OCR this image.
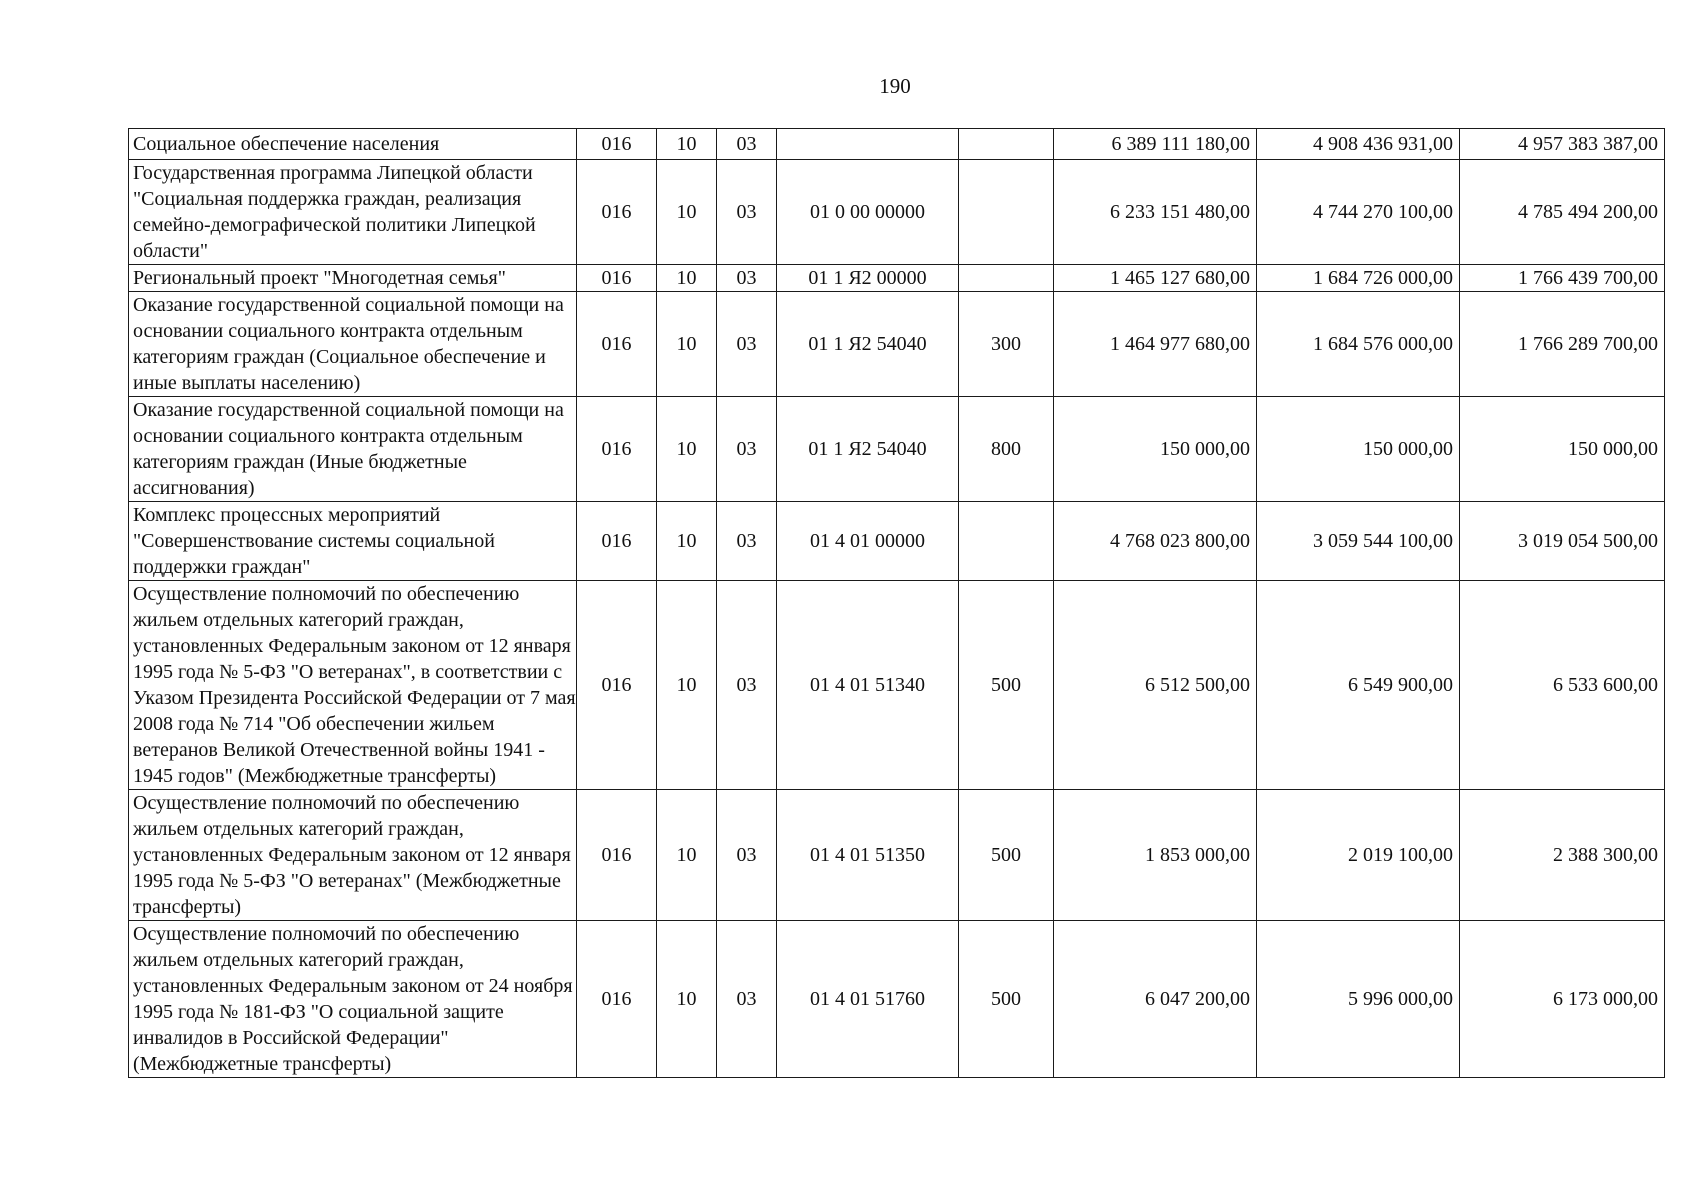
190
Социальное обеспечение населения	016	10	03			6 389 111 180,00	4 908 436 931,00	4 957 383 387,00
Государственная программа Липецкой области "Социальная поддержка граждан, реализация семейно-демографической политики Липецкой области"	016	10	03	01 0 00 00000		6 233 151 480,00	4 744 270 100,00	4 785 494 200,00
Региональный проект "Многодетная семья"	016	10	03	01 1 Я2 00000		1 465 127 680,00	1 684 726 000,00	1 766 439 700,00
Оказание государственной социальной помощи на основании социального контракта отдельным категориям граждан (Социальное обеспечение и иные выплаты населению)	016	10	03	01 1 Я2 54040	300	1 464 977 680,00	1 684 576 000,00	1 766 289 700,00
Оказание государственной социальной помощи на основании социального контракта отдельным категориям граждан (Иные бюджетные ассигнования)	016	10	03	01 1 Я2 54040	800	150 000,00	150 000,00	150 000,00
Комплекс процессных мероприятий "Совершенствование системы социальной поддержки граждан"	016	10	03	01 4 01 00000		4 768 023 800,00	3 059 544 100,00	3 019 054 500,00
Осуществление полномочий по обеспечению жильем отдельных категорий граждан, установленных Федеральным законом от 12 января 1995 года № 5-ФЗ "О ветеранах", в соответствии с Указом Президента Российской Федерации от 7 мая 2008 года № 714 "Об обеспечении жильем ветеранов Великой Отечественной войны 1941 - 1945 годов" (Межбюджетные трансферты)	016	10	03	01 4 01 51340	500	6 512 500,00	6 549 900,00	6 533 600,00
Осуществление полномочий по обеспечению жильем отдельных категорий граждан, установленных Федеральным законом от 12 января 1995 года № 5-ФЗ "О ветеранах" (Межбюджетные трансферты)	016	10	03	01 4 01 51350	500	1 853 000,00	2 019 100,00	2 388 300,00
Осуществление полномочий по обеспечению жильем отдельных категорий граждан, установленных Федеральным законом от 24 ноября 1995 года № 181-ФЗ "О социальной защите инвалидов в Российской Федерации" (Межбюджетные трансферты)	016	10	03	01 4 01 51760	500	6 047 200,00	5 996 000,00	6 173 000,00
